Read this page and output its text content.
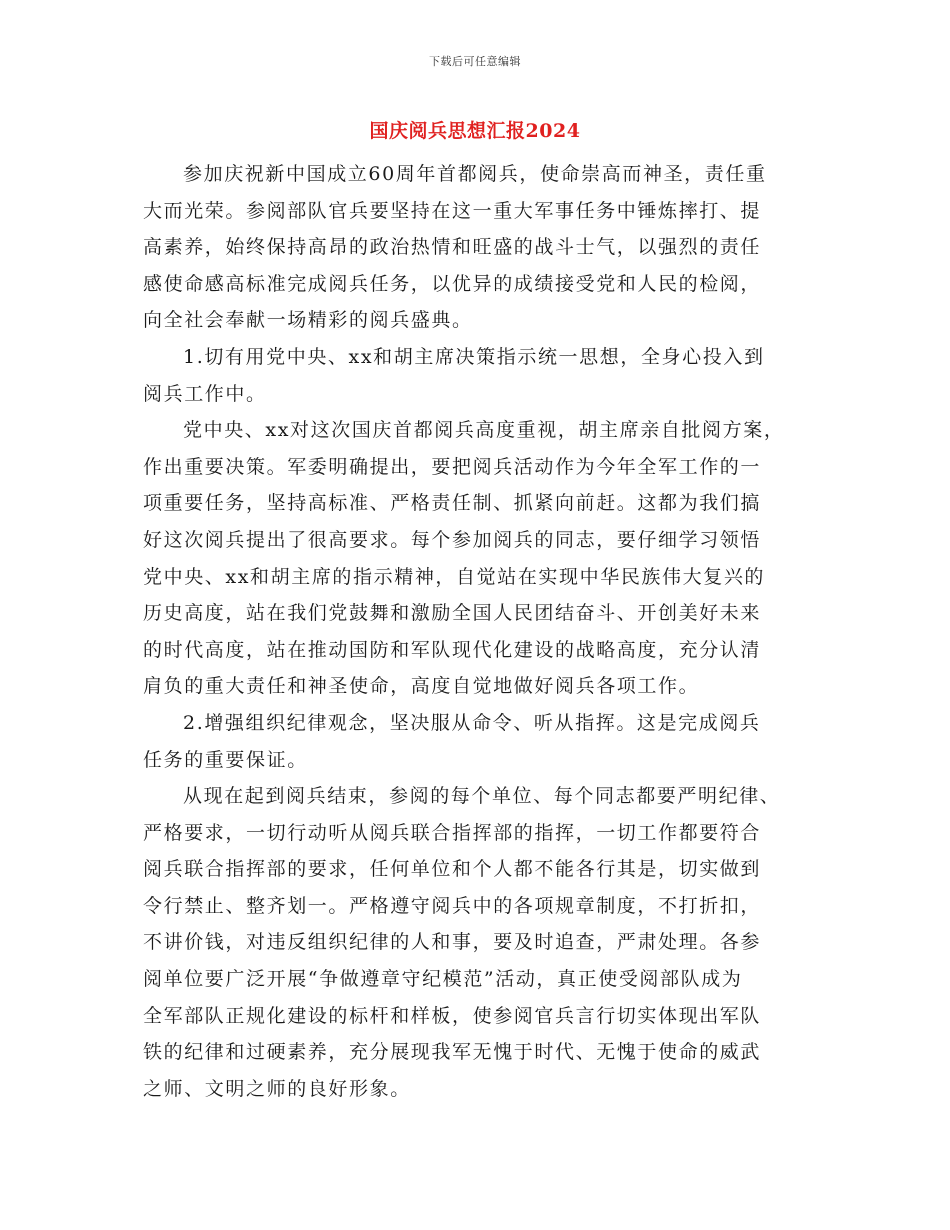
下载后可任意编辑
国庆阅兵思想汇报2024

参加庆祝新中国成立60周年首都阅兵，使命崇高而神圣，责任重
大而光荣。参阅部队官兵要坚持在这一重大军事任务中锤炼摔打、提
高素养，始终保持高昂的政治热情和旺盛的战斗士气，以强烈的责任
感使命感高标准完成阅兵任务，以优异的成绩接受党和人民的检阅，
向全社会奉献一场精彩的阅兵盛典。

1.切有用党中央、xx和胡主席决策指示统一思想，全身心投入到
阅兵工作中。

党中央、xx对这次国庆首都阅兵高度重视，胡主席亲自批阅方案，
作出重要决策。军委明确提出，要把阅兵活动作为今年全军工作的一
项重要任务，坚持高标准、严格责任制、抓紧向前赶。这都为我们搞
好这次阅兵提出了很高要求。每个参加阅兵的同志，要仔细学习领悟
党中央、xx和胡主席的指示精神，自觉站在实现中华民族伟大复兴的
历史高度，站在我们党鼓舞和激励全国人民团结奋斗、开创美好未来
的时代高度，站在推动国防和军队现代化建设的战略高度，充分认清
肩负的重大责任和神圣使命，高度自觉地做好阅兵各项工作。

2.增强组织纪律观念，坚决服从命令、听从指挥。这是完成阅兵
任务的重要保证。

从现在起到阅兵结束，参阅的每个单位、每个同志都要严明纪律、
严格要求，一切行动听从阅兵联合指挥部的指挥，一切工作都要符合
阅兵联合指挥部的要求，任何单位和个人都不能各行其是，切实做到
令行禁止、整齐划一。严格遵守阅兵中的各项规章制度，不打折扣，
不讲价钱，对违反组织纪律的人和事，要及时追查，严肃处理。各参
阅单位要广泛开展“争做遵章守纪模范”活动，真正使受阅部队成为
全军部队正规化建设的标杆和样板，使参阅官兵言行切实体现出军队
铁的纪律和过硬素养，充分展现我军无愧于时代、无愧于使命的威武
之师、文明之师的良好形象。
